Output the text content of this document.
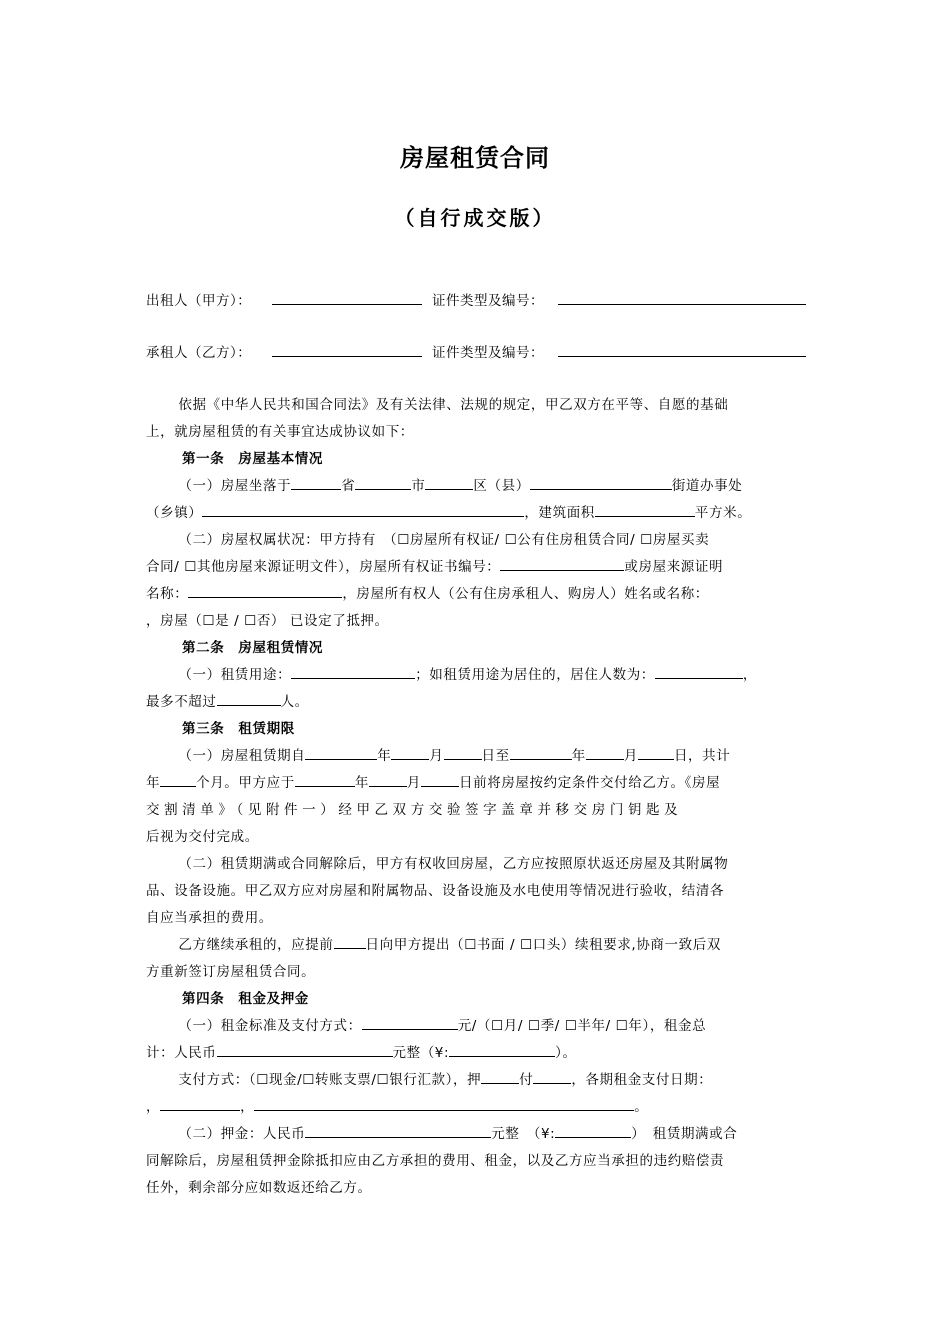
房屋租赁合同
（自行成交版）
出租人（甲方）：	证件类型及编号：
承租人（乙方）：	证件类型及编号：

依据《中华人民共和国合同法》及有关法律、法规的规定，甲乙双方在平等、自愿的基础

上，就房屋租赁的有关事宜达成协议如下：

第一条　房屋基本情况

（一）房屋坐落于	省	市	区（县）	街道办事处

（乡镇）	，建筑面积	平方米。

（二）房屋权属状况：甲方持有　（☐房屋所有权证/ ☐公有住房租赁合同/ ☐房屋买卖

合同/ ☐其他房屋来源证明文件），房屋所有权证书编号：	或房屋来源证明

名称：	，房屋所有权人（公有住房承租人、购房人）姓名或名称：

，房屋（☐是 / ☐否） 已设定了抵押。

第二条　房屋租赁情况

（一）租赁用途：	；如租赁用途为居住的，居住人数为：	，

最多不超过	人。

第三条　租赁期限

（一）房屋租赁期自	年	月	日至	年	月	日，共计

年	个月。甲方应于	年	月	日前将房屋按约定条件交付给乙方。《房屋

交割清单》（见附件一）经甲乙双方交验签字盖章并移交房门钥匙及

后视为交付完成。

（二）租赁期满或合同解除后，甲方有权收回房屋，乙方应按照原状返还房屋及其附属物

品、设备设施。甲乙双方应对房屋和附属物品、设备设施及水电使用等情况进行验收，结清各

自应当承担的费用。

乙方继续承租的，应提前 日向甲方提出（☐书面 / ☐口头）续租要求,协商一致后双

方重新签订房屋租赁合同。

第四条　租金及押金

（一）租金标准及支付方式：	元/（☐月/ ☐季/ ☐半年/ ☐年），租金总

计：人民币	元整（¥:	）。

支付方式：（☐现金/☐转账支票/☐银行汇款），押	付	，各期租金支付日期：

，	，	。

（二）押金：人民币	元整　（¥:	）　租赁期满或合

同解除后，房屋租赁押金除抵扣应由乙方承担的费用、租金，以及乙方应当承担的违约赔偿责

任外，剩余部分应如数返还给乙方。
